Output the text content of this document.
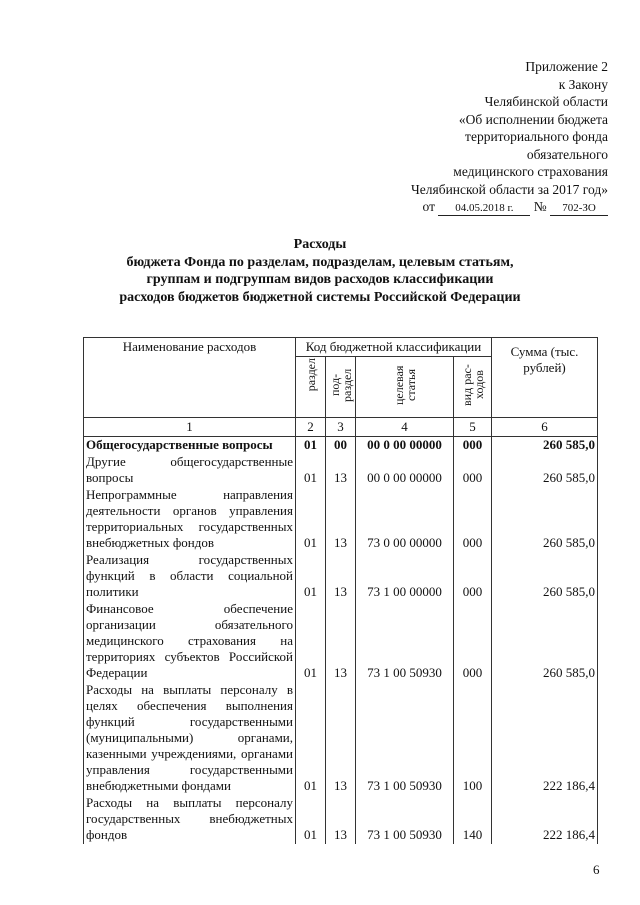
Приложение 2
к Закону
Челябинской области
«Об исполнении бюджета
территориального фонда
обязательного
медицинского страхования
Челябинской области за 2017 год»
от 04.05.2018 г. № 702-ЗО
Расходы
бюджета Фонда по разделам, подразделам, целевым статьям,
группам и подгруппам видов расходов классификации
расходов бюджетов бюджетной системы Российской Федерации
Наименование расходов	Код бюджетной классификации				Сумма (тыс. рублей)
	раздел	под-раздел	целевая статья	вид рас-ходов	
1	2	3	4	5	6
Общегосударственные вопросы	01	00	00 0 00 00000	000	260 585,0
Другие общегосударственные вопросы	01	13	00 0 00 00000	000	260 585,0
Непрограммные направления деятельности органов управления территориальных государственных внебюджетных фондов	01	13	73 0 00 00000	000	260 585,0
Реализация государственных функций в области социальной политики	01	13	73 1 00 00000	000	260 585,0
Финансовое обеспечение организации обязательного медицинского страхования на территориях субъектов Российской Федерации	01	13	73 1 00 50930	000	260 585,0
Расходы на выплаты персоналу в целях обеспечения выполнения функций государственными (муниципальными) органами, казенными учреждениями, органами управления государственными внебюджетными фондами	01	13	73 1 00 50930	100	222 186,4
Расходы на выплаты персоналу государственных внебюджетных фондов	01	13	73 1 00 50930	140	222 186,4
6
